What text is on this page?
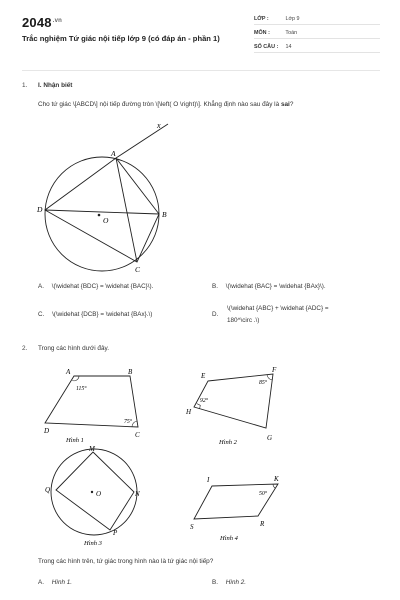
$2048^{.vn}$
Trắc nghiệm Tứ giác nội tiếp lớp 9 (có đáp án - phần 1)
LỚP :	Lớp 9
MÔN :	Toán
SỐ CÂU : 14
1. I. Nhận biết
Cho tứ giác \[ABCD\] nội tiếp đường tròn \[\left( O \right)\]. Khẳng định nào sau đây là sai?
x
A
B
C
D
O
A. \(\widehat {BDC} = \widehat {BAC}\).	B. \(\widehat {BAC} = \widehat {BAx}\).
C. \(\widehat {DCB} = \widehat {BAx}.\)	D.
\(\widehat {ABC} + \widehat {ADC} =
180^\circ .\)
2. Trong các hình dưới đây.
A	B
C
D
115°
75°
Hình 1
E
F
G
H
92°
85°
Hình 2
M
N
P
Q	O
Hình 3
I	K
R
S
50°
Hình 4
Trong các hình trên, tứ giác trong hình nào là tứ giác nội tiếp?
A. Hình 1.	B. Hình 2.
